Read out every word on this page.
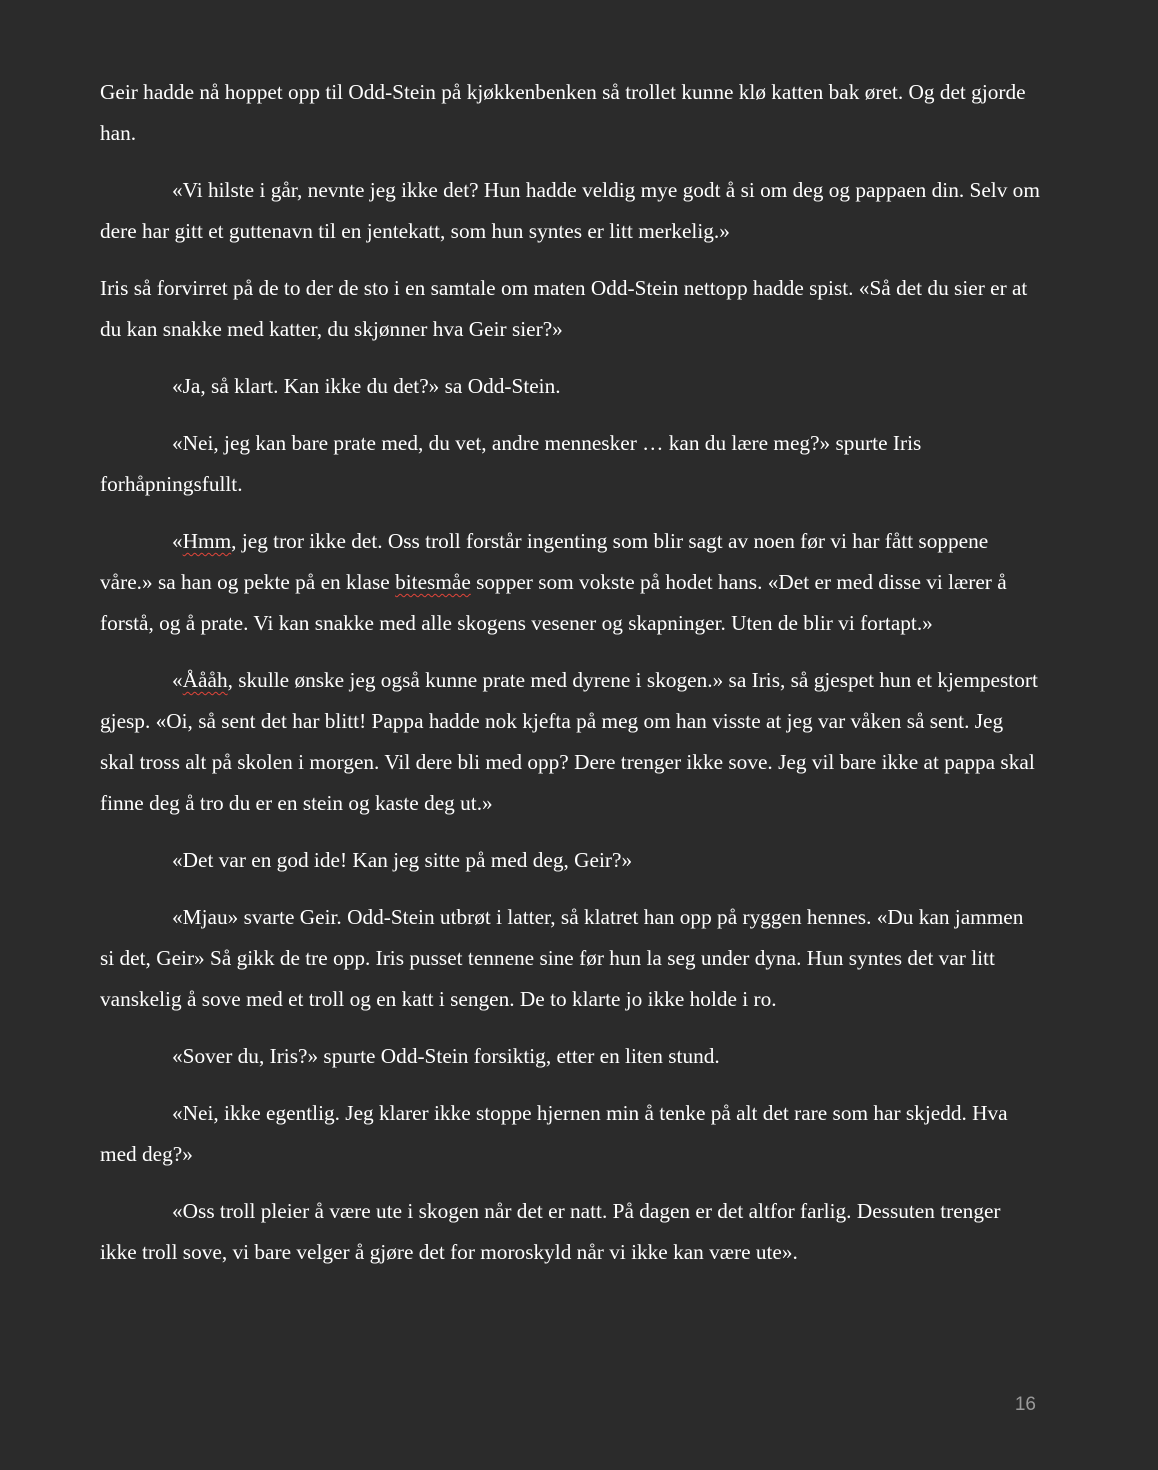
Geir hadde nå hoppet opp til Odd-Stein på kjøkkenbenken så trollet kunne klø katten bak øret. Og det gjorde han.

«Vi hilste i går, nevnte jeg ikke det? Hun hadde veldig mye godt å si om deg og pappaen din. Selv om dere har gitt et guttenavn til en jentekatt, som hun syntes er litt merkelig.»

Iris så forvirret på de to der de sto i en samtale om maten Odd-Stein nettopp hadde spist. «Så det du sier er at du kan snakke med katter, du skjønner hva Geir sier?»

«Ja, så klart. Kan ikke du det?» sa Odd-Stein.

«Nei, jeg kan bare prate med, du vet, andre mennesker … kan du lære meg?» spurte Iris forhåpningsfullt.

«Hmm, jeg tror ikke det. Oss troll forstår ingenting som blir sagt av noen før vi har fått soppene våre.» sa han og pekte på en klase bitesmåe sopper som vokste på hodet hans. «Det er med disse vi lærer å forstå, og å prate. Vi kan snakke med alle skogens vesener og skapninger. Uten de blir vi fortapt.»

«Åååh, skulle ønske jeg også kunne prate med dyrene i skogen.» sa Iris, så gjespet hun et kjempestort gjesp. «Oi, så sent det har blitt! Pappa hadde nok kjefta på meg om han visste at jeg var våken så sent. Jeg skal tross alt på skolen i morgen. Vil dere bli med opp? Dere trenger ikke sove. Jeg vil bare ikke at pappa skal finne deg å tro du er en stein og kaste deg ut.»

«Det var en god ide! Kan jeg sitte på med deg, Geir?»

«Mjau» svarte Geir. Odd-Stein utbrøt i latter, så klatret han opp på ryggen hennes. «Du kan jammen si det, Geir» Så gikk de tre opp. Iris pusset tennene sine før hun la seg under dyna. Hun syntes det var litt vanskelig å sove med et troll og en katt i sengen. De to klarte jo ikke holde i ro.

«Sover du, Iris?» spurte Odd-Stein forsiktig, etter en liten stund.

«Nei, ikke egentlig. Jeg klarer ikke stoppe hjernen min å tenke på alt det rare som har skjedd. Hva med deg?»

«Oss troll pleier å være ute i skogen når det er natt. På dagen er det altfor farlig. Dessuten trenger ikke troll sove, vi bare velger å gjøre det for moroskyld når vi ikke kan være ute».

16
